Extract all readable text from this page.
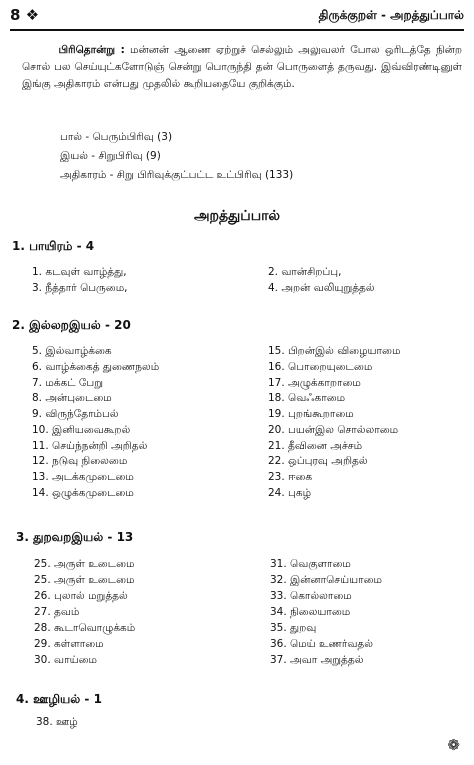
8 ❖	திருக்குறள் - அறத்துப்பால்
பிரிதொன்று : மன்னன் ஆணை ஏற்றுச் செல்லும் அலுவலர் போல ஒரிடத்தே நின்ற சொல் பல செய்யுட்களோடுஞ் சென்று பொருந்தி தன் பொருளைத் தருவது. இவ்விரண்டினுள் இங்கு அதிகாரம் என்பது முதலில் கூறியதையே குறிக்கும்.
பால் - பெரும்பிரிவு (3)
இயல் - சிறுபிரிவு (9)
அதிகாரம் - சிறு பிரிவுக்குட்பட்ட உட்பிரிவு (133)
அறத்துப்பால்
1. பாயிரம் - 4
1. கடவுள் வாழ்த்து,
3. நீத்தார் பெருமை,
2. வான்சிறப்பு,
4. அறன் வலியுறுத்தல்
2. இல்லறஇயல் - 20
5. இல்வாழ்க்கை
6. வாழ்க்கைத் துணைநலம்
7. மக்கட் பேறு
8. அன்புடைமை
9. விருந்தோம்பல்
10. இனியவைகூறல்
11. செய்ந்நன்றி அறிதல்
12. நடுவு நிலைமை
13. அடக்கமுடைமை
14. ஒழுக்கமுடைமை
15. பிறன்இல் விழையாமை
16. பொறையுடைமை
17. அழுக்காறாமை
18. வெஃகாமை
19. புறங்கூறாமை
20. பயன்இல சொல்லாமை
21. தீவினை அச்சம்
22. ஒப்புரவு அறிதல்
23. ஈகை
24. புகழ்
3. துறவறஇயல் - 13
25. அருள் உடைமை
25. அருள் உடைமை
26. புலால் மறுத்தல்
27. தவம்
28. கூடாவொழுக்கம்
29. கள்ளாமை
30. வாய்மை
31. வெகுளாமை
32. இன்னாசெய்யாமை
33. கொல்லாமை
34. நிலையாமை
35. துறவு
36. மெய் உணர்வதல்
37. அவா அறுத்தல்
4. ஊழியல் - 1
38. ஊழ்
❁
